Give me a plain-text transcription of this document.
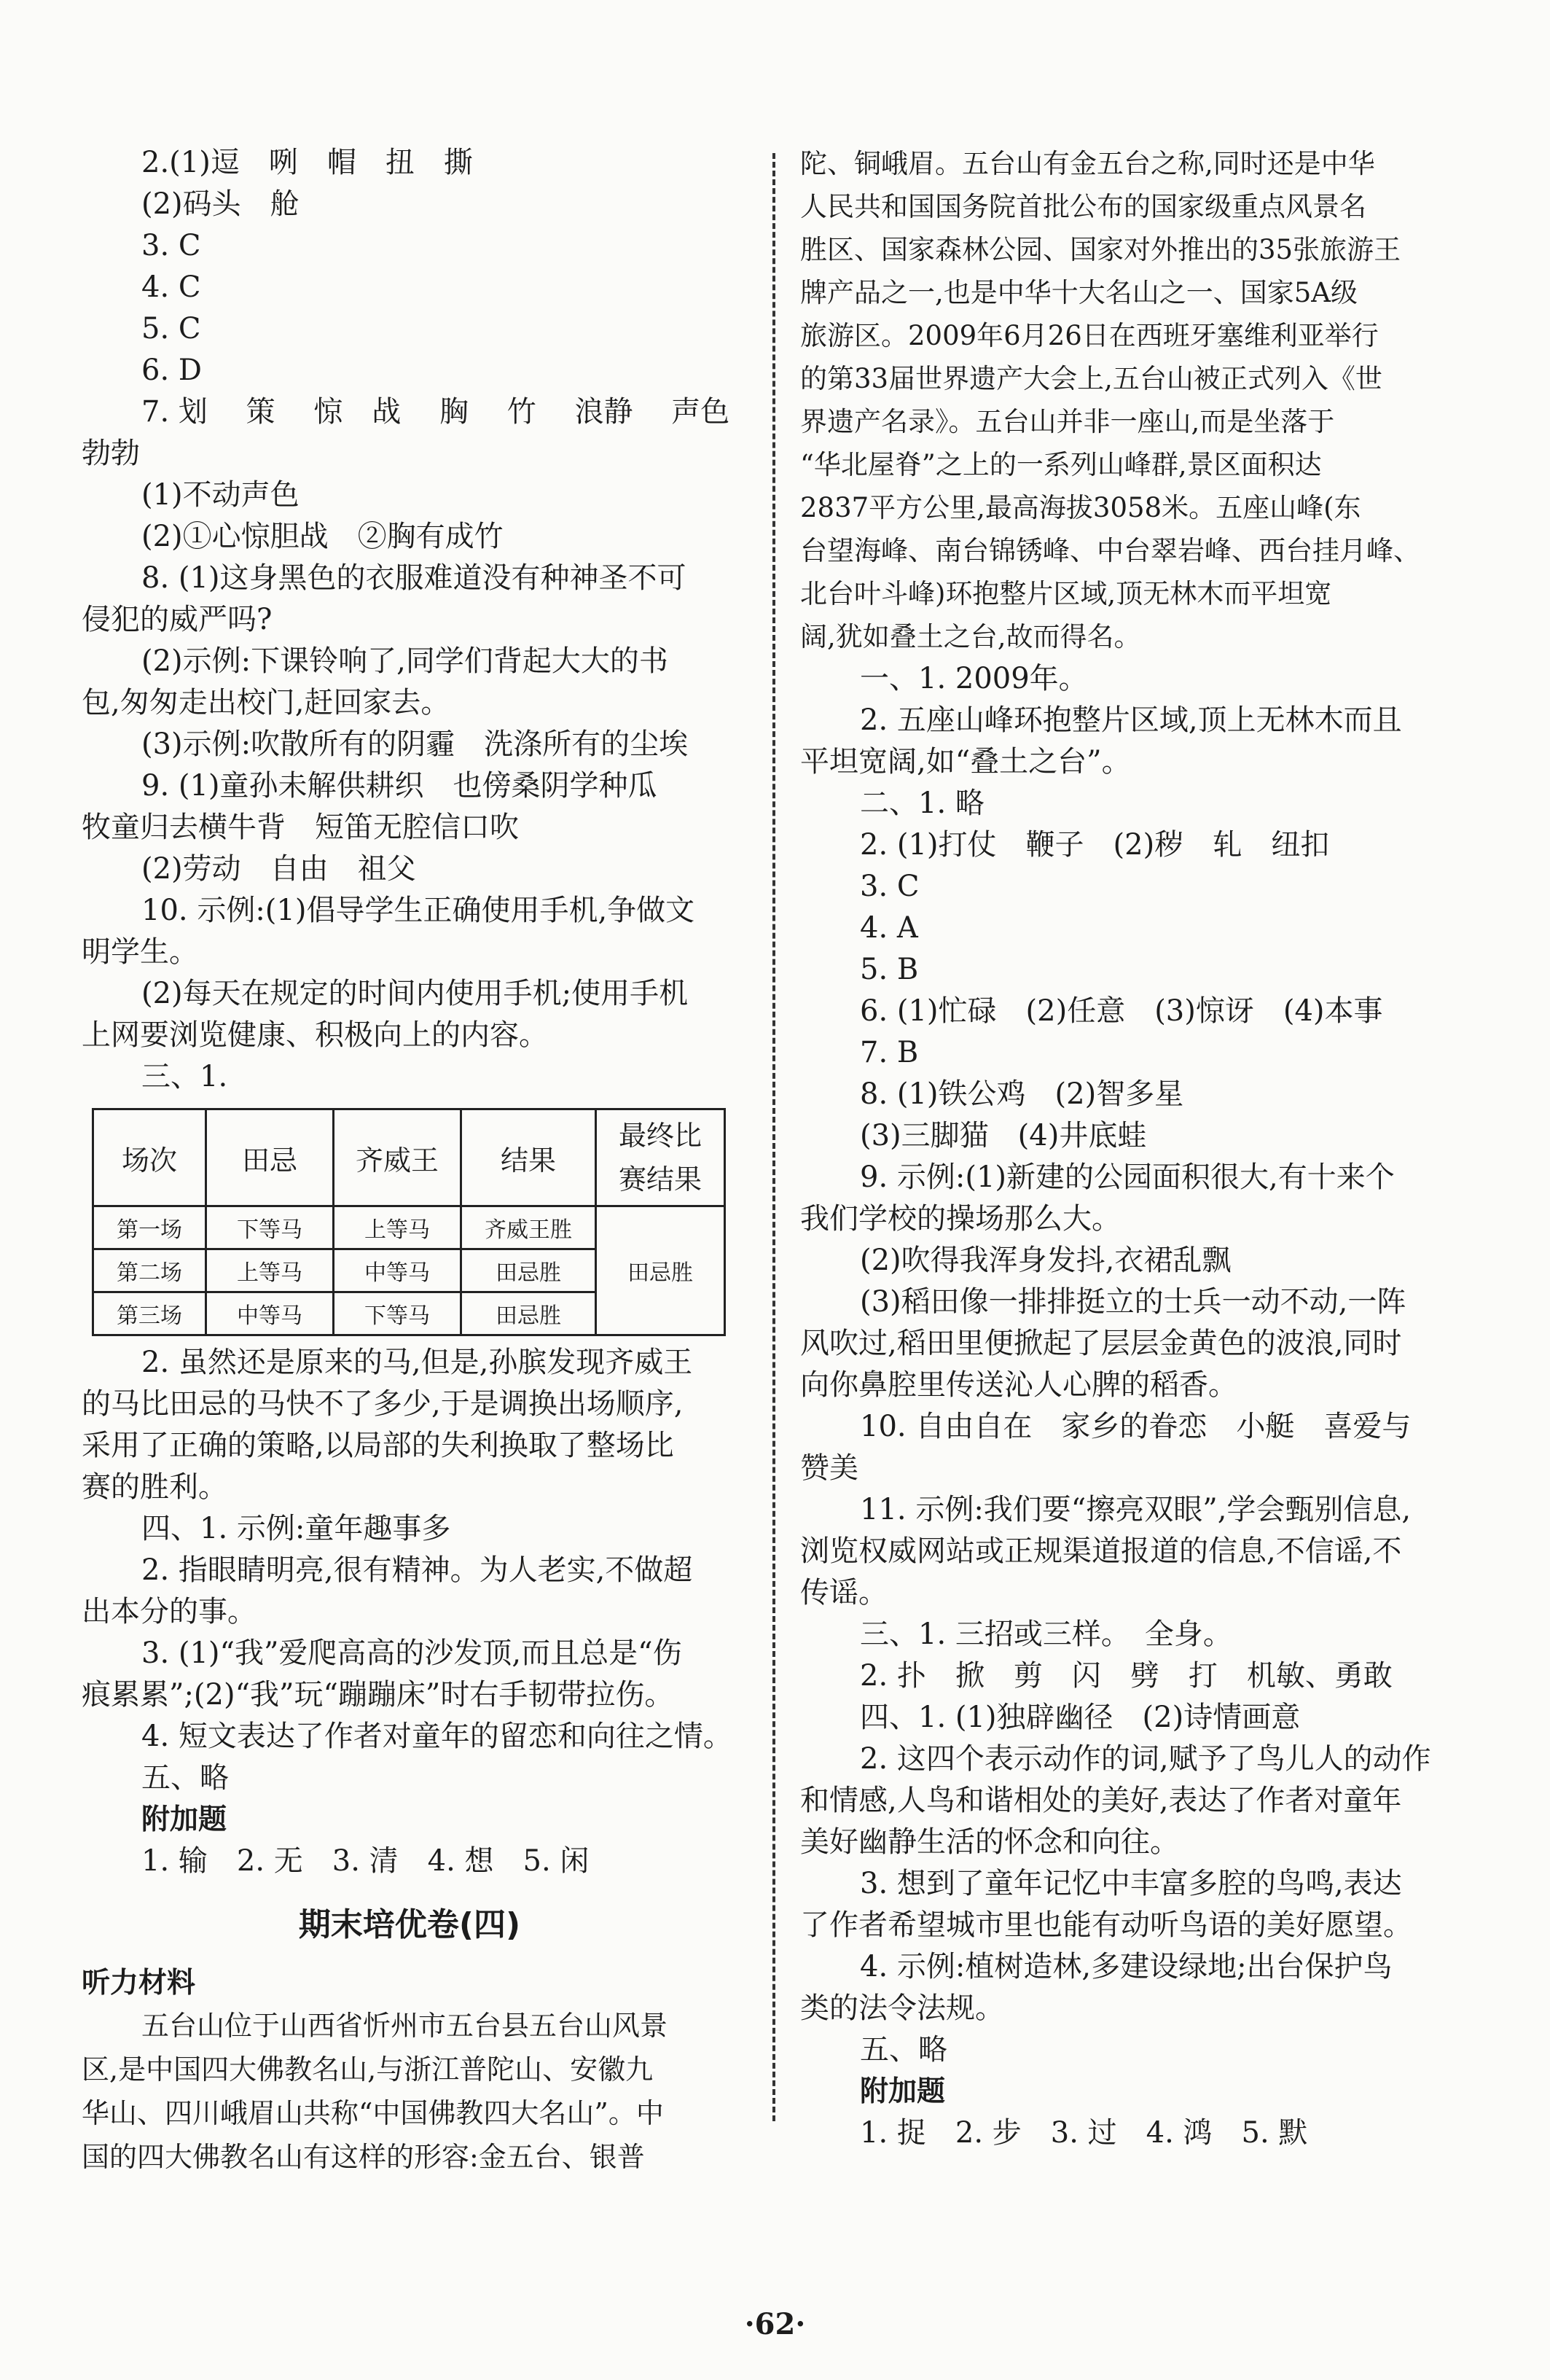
2.(1)逗　咧　帽　扭　撕
(2)码头　舱
3. C
4. C
5. C
6. D
7. 划　 策　 惊　战　 胸　 竹　 浪静　 声色
勃勃
(1)不动声色
(2)①心惊胆战　②胸有成竹
8. (1)这身黑色的衣服难道没有种神圣不可
侵犯的威严吗?
(2)示例:下课铃响了,同学们背起大大的书
包,匆匆走出校门,赶回家去。
(3)示例:吹散所有的阴霾　洗涤所有的尘埃
9. (1)童孙未解供耕织　也傍桑阴学种瓜
牧童归去横牛背　短笛无腔信口吹
(2)劳动　自由　祖父
10. 示例:(1)倡导学生正确使用手机,争做文
明学生。
(2)每天在规定的时间内使用手机;使用手机
上网要浏览健康、积极向上的内容。
三、1.
场次	田忌	齐威王	结果	最终比
赛结果
第一场	下等马	上等马	齐威王胜	田忌胜
第二场	上等马	中等马	田忌胜	
第三场	中等马	下等马	田忌胜	
2. 虽然还是原来的马,但是,孙膑发现齐威王
的马比田忌的马快不了多少,于是调换出场顺序,
采用了正确的策略,以局部的失利换取了整场比
赛的胜利。
四、1. 示例:童年趣事多
2. 指眼睛明亮,很有精神。为人老实,不做超
出本分的事。
3. (1)“我”爱爬高高的沙发顶,而且总是“伤
痕累累”;(2)“我”玩“蹦蹦床”时右手韧带拉伤。
4. 短文表达了作者对童年的留恋和向往之情。
五、略
附加题
1. 输　2. 无　3. 清　4. 想　5. 闲
期末培优卷(四)
听力材料
五台山位于山西省忻州市五台县五台山风景
区,是中国四大佛教名山,与浙江普陀山、安徽九
华山、四川峨眉山共称“中国佛教四大名山”。中
国的四大佛教名山有这样的形容:金五台、银普
陀、铜峨眉。五台山有金五台之称,同时还是中华
人民共和国国务院首批公布的国家级重点风景名
胜区、国家森林公园、国家对外推出的35张旅游王
牌产品之一,也是中华十大名山之一、国家5A级
旅游区。2009年6月26日在西班牙塞维利亚举行
的第33届世界遗产大会上,五台山被正式列入《世
界遗产名录》。五台山并非一座山,而是坐落于
“华北屋脊”之上的一系列山峰群,景区面积达
2837平方公里,最高海拔3058米。五座山峰(东
台望海峰、南台锦锈峰、中台翠岩峰、西台挂月峰、
北台叶斗峰)环抱整片区域,顶无林木而平坦宽
阔,犹如叠土之台,故而得名。
一、1. 2009年。
2. 五座山峰环抱整片区域,顶上无林木而且
平坦宽阔,如“叠土之台”。
二、1. 略
2. (1)打仗　鞭子　(2)秽　轧　纽扣
3. C
4. A
5. B
6. (1)忙碌　(2)任意　(3)惊讶　(4)本事
7. B
8. (1)铁公鸡　(2)智多星
(3)三脚猫　(4)井底蛙
9. 示例:(1)新建的公园面积很大,有十来个
我们学校的操场那么大。
(2)吹得我浑身发抖,衣裙乱飘
(3)稻田像一排排挺立的士兵一动不动,一阵
风吹过,稻田里便掀起了层层金黄色的波浪,同时
向你鼻腔里传送沁人心脾的稻香。
10. 自由自在　家乡的眷恋　小艇　喜爱与
赞美
11. 示例:我们要“擦亮双眼”,学会甄别信息,
浏览权威网站或正规渠道报道的信息,不信谣,不
传谣。
三、1. 三招或三样。　全身。
2. 扑　掀　剪　闪　劈　打　机敏、勇敢
四、1. (1)独辟幽径　(2)诗情画意
2. 这四个表示动作的词,赋予了鸟儿人的动作
和情感,人鸟和谐相处的美好,表达了作者对童年
美好幽静生活的怀念和向往。
3. 想到了童年记忆中丰富多腔的鸟鸣,表达
了作者希望城市里也能有动听鸟语的美好愿望。
4. 示例:植树造林,多建设绿地;出台保护鸟
类的法令法规。
五、略
附加题
1. 捉　2. 步　3. 过　4. 鸿　5. 默
·62·
